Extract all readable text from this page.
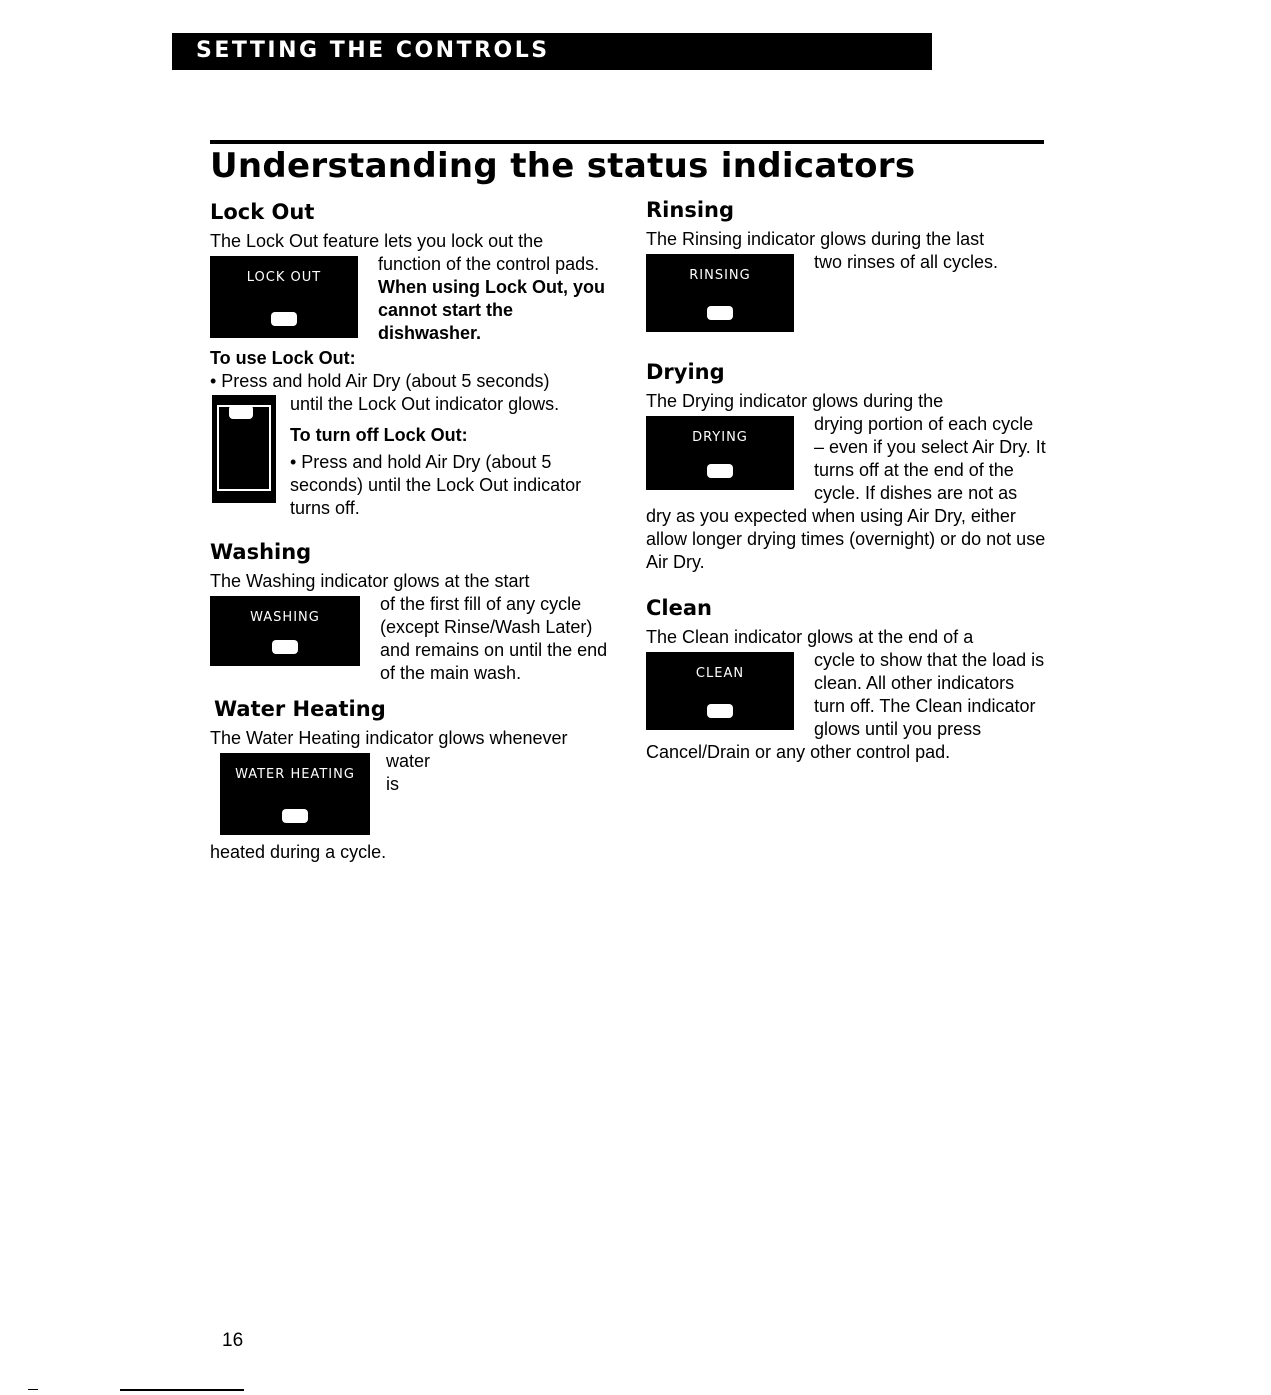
SETTING THE CONTROLS
Understanding the status indicators
Lock Out

The Lock Out feature lets you lock out the

LOCK OUT

function of the control pads. When using Lock Out, you cannot start the dishwasher.

To use Lock Out:

• Press and hold Air Dry (about 5 seconds)

AIR DRY

until the Lock Out indicator glows.

To turn off Lock Out:

• Press and hold Air Dry (about 5 seconds) until the Lock Out indicator turns off.

Washing

The Washing indicator glows at the start

WASHING

of the first fill of any cycle (except Rinse/Wash Later) and remains on until the end of the main wash.

Water Heating

The Water Heating indicator glows whenever

WATER HEATING

water is heated during a cycle.

Rinsing

The Rinsing indicator glows during the last

RINSING

two rinses of all cycles.

Drying

The Drying indicator glows during the

DRYING

drying portion of each cycle – even if you select Air Dry. It turns off at the end of the cycle. If dishes are not as dry as you expected when using Air Dry, either allow longer drying times (overnight) or do not use Air Dry.

Clean

The Clean indicator glows at the end of a

CLEAN

cycle to show that the load is clean. All other indicators turn off. The Clean indicator glows until you press Cancel/Drain or any other control pad.

16
